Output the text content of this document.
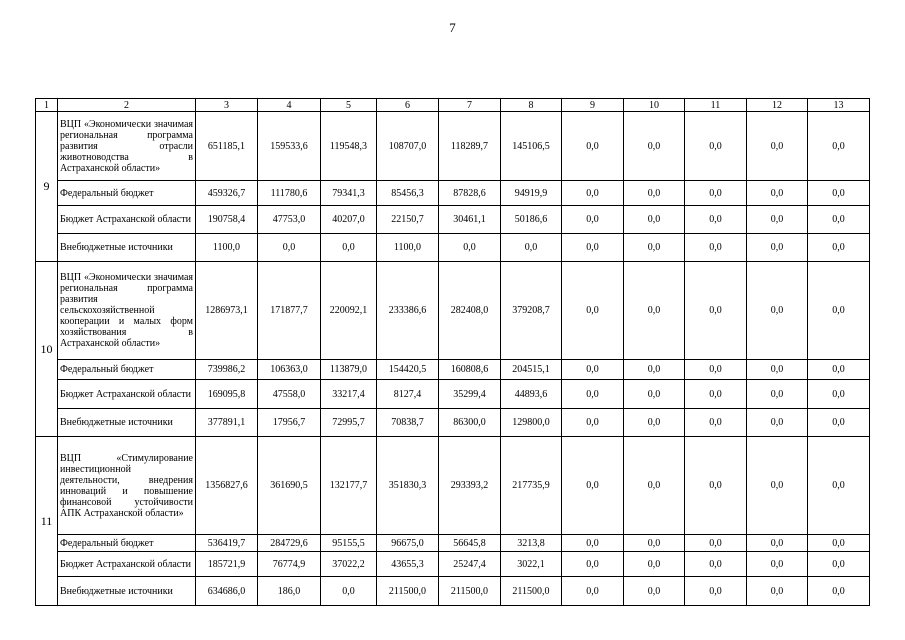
7
1	2	3	4	5	6	7	8	9	10	11	12	13
9	ВЦП «Экономически значимая региональная программа развития отрасли животноводства в Астраханской области»	651185,1	159533,6	119548,3	108707,0	118289,7	145106,5	0,0	0,0	0,0	0,0	0,0
	Федеральный бюджет	459326,7	111780,6	79341,3	85456,3	87828,6	94919,9	0,0	0,0	0,0	0,0	0,0
	Бюджет Астраханской области	190758,4	47753,0	40207,0	22150,7	30461,1	50186,6	0,0	0,0	0,0	0,0	0,0
	Внебюджетные источники	1100,0	0,0	0,0	1100,0	0,0	0,0	0,0	0,0	0,0	0,0	0,0
10	ВЦП «Экономически значимая региональная программа развития сельскохозяйственной кооперации и малых форм хозяйствования в Астраханской области»	1286973,1	171877,7	220092,1	233386,6	282408,0	379208,7	0,0	0,0	0,0	0,0	0,0
	Федеральный бюджет	739986,2	106363,0	113879,0	154420,5	160808,6	204515,1	0,0	0,0	0,0	0,0	0,0
	Бюджет Астраханской области	169095,8	47558,0	33217,4	8127,4	35299,4	44893,6	0,0	0,0	0,0	0,0	0,0
	Внебюджетные источники	377891,1	17956,7	72995,7	70838,7	86300,0	129800,0	0,0	0,0	0,0	0,0	0,0
11	ВЦП «Стимулирование инвестиционной деятельности, внедрения инноваций и повышение финансовой устойчивости АПК Астраханской области»	1356827,6	361690,5	132177,7	351830,3	293393,2	217735,9	0,0	0,0	0,0	0,0	0,0
	Федеральный бюджет	536419,7	284729,6	95155,5	96675,0	56645,8	3213,8	0,0	0,0	0,0	0,0	0,0
	Бюджет Астраханской области	185721,9	76774,9	37022,2	43655,3	25247,4	3022,1	0,0	0,0	0,0	0,0	0,0
	Внебюджетные источники	634686,0	186,0	0,0	211500,0	211500,0	211500,0	0,0	0,0	0,0	0,0	0,0
